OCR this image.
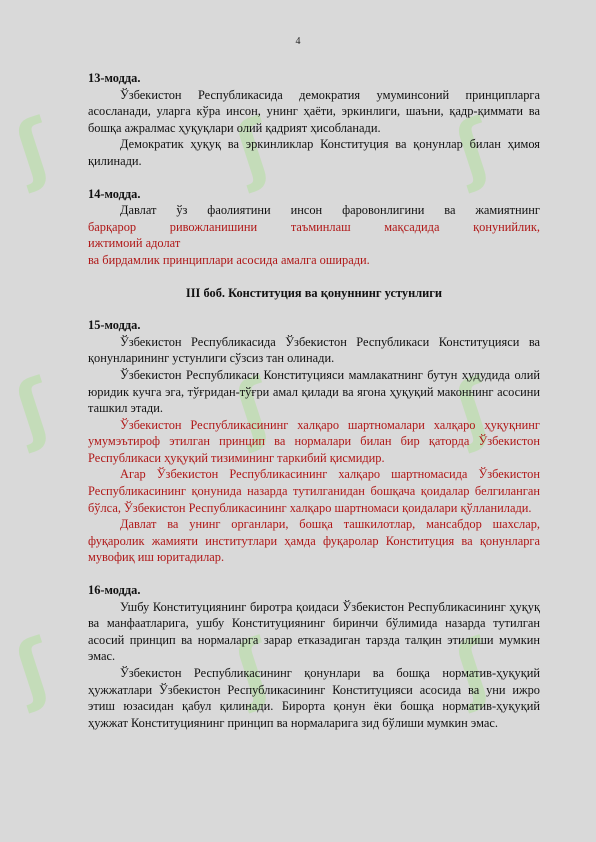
ʃ ʃ ʃ
ʃ ʃ ʃ
ʃ ʃ ʃ
4

13-модда.

Ўзбекистон Республикасида демократия умуминсоний принципларга асосланади, уларга кўра инсон, унинг ҳаёти, эркинлиги, шаъни, қадр-қиммати ва бошқа ажралмас ҳуқуқлари олий қадрият ҳисобланади.

Демократик ҳуқуқ ва эркинликлар Конституция ва қонунлар билан ҳимоя қилинади.

14-модда.

Давлат ўз фаолиятини инсон фаровонлигини ва жамиятнинг

барқарор ривожланишини таъминлаш мақсадида қонунийлик,

ижтимоий адолат

ва бирдамлик принциплари асосида амалга оширади.

III боб. Конституция ва қонуннинг устунлиги

15-модда.

Ўзбекистон Республикасида Ўзбекистон Республикаси Конституцияси ва қонунларининг устунлиги сўзсиз тан олинади.

Ўзбекистон Республикаси Конституцияси мамлакатнинг бутун ҳудудида олий юридик кучга эга, тўғридан-тўғри амал қилади ва ягона ҳуқуқий маконнинг асосини ташкил этади.

Ўзбекистон Республикасининг халқаро шартномалари халқаро ҳуқуқнинг умумэътироф этилган принцип ва нормалари билан бир қаторда Ўзбекистон Республикаси ҳуқуқий тизимининг таркибий қисмидир.

Агар Ўзбекистон Республикасининг халқаро шартномасида Ўзбекистон Республикасининг қонунида назарда тутилганидан бошқача қоидалар белгиланган бўлса, Ўзбекистон Республикасининг халқаро шартномаси қоидалари қўлланилади.

Давлат ва унинг органлари, бошқа ташкилотлар, мансабдор шахслар, фуқаролик жамияти институтлари ҳамда фуқаролар Конституция ва қонунларга мувофиқ иш юритадилар.

16-модда.

Ушбу Конституциянинг биротра қоидаси Ўзбекистон Республикасининг ҳуқуқ ва манфаатларига, ушбу Конституциянинг биринчи бўлимида назарда тутилган асосий принцип ва нормаларга зарар етказадиган тарзда талқин этилиши мумкин эмас.

Ўзбекистон Республикасининг қонунлари ва бошқа норматив-ҳуқуқий ҳужжатлари Ўзбекистон Республикасининг Конституцияси асосида ва уни ижро этиш юзасидан қабул қилинади. Бирорта қонун ёки бошқа норматив-ҳуқуқий ҳужжат Конституциянинг принцип ва нормаларига зид бўлиши мумкин эмас.
